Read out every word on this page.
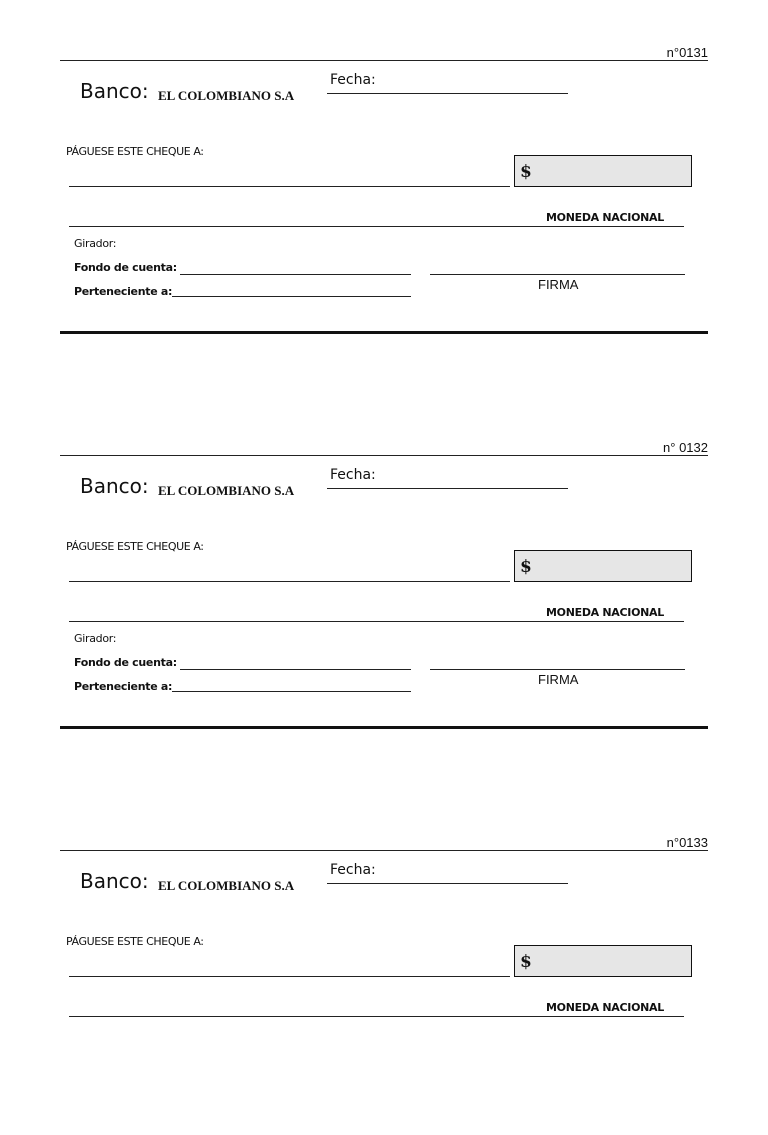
n°0131
Banco: EL COLOMBIANO S.A
Fecha:
PÁGUESE ESTE CHEQUE A:
$
MONEDA NACIONAL
Girador:
Fondo de cuenta:
Perteneciente a:	FIRMA
n° 0132
Banco: EL COLOMBIANO S.A
Fecha:
PÁGUESE ESTE CHEQUE A:
$
MONEDA NACIONAL
Girador:
Fondo de cuenta:
Perteneciente a:	FIRMA
n°0133
Banco: EL COLOMBIANO S.A
Fecha:
PÁGUESE ESTE CHEQUE A:
$
MONEDA NACIONAL
